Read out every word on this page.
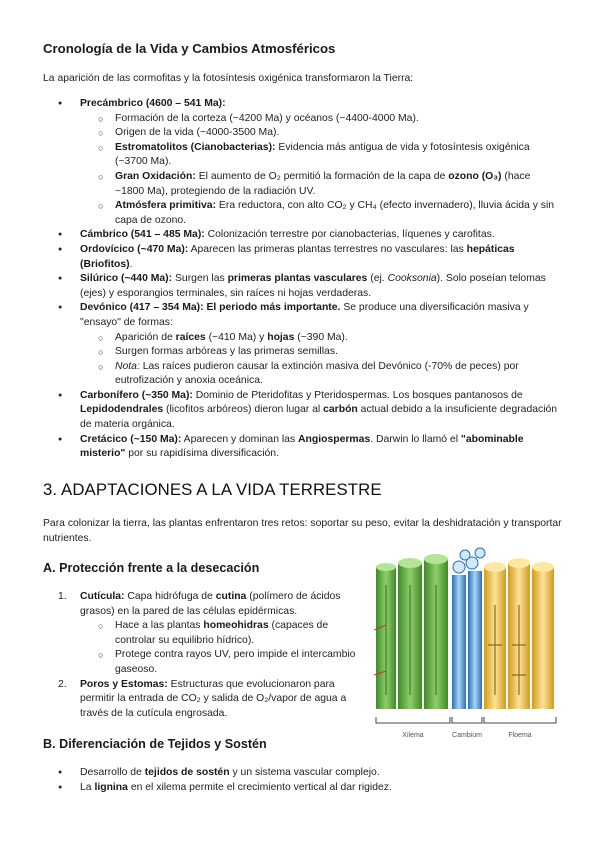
Cronología de la Vida y Cambios Atmosféricos
La aparición de las cormofitas y la fotosíntesis oxigénica transformaron la Tierra:
● Precámbrico (4600 – 541 Ma):
○ Formación de la corteza (~4200 Ma) y océanos (~4400-4000 Ma).
○ Origen de la vida (~4000-3500 Ma).
○ Estromatolitos (Cianobacterias): Evidencia más antigua de vida y fotosíntesis oxigénica (~3700 Ma).
○ Gran Oxidación: El aumento de O₂ permitió la formación de la capa de ozono (O₃) (hace ~1800 Ma), protegiendo de la radiación UV.
○ Atmósfera primitiva: Era reductora, con alto CO₂ y CH₄ (efecto invernadero), lluvia ácida y sin capa de ozono.
● Cámbrico (541 – 485 Ma): Colonización terrestre por cianobacterias, líquenes y carofitas.
● Ordovícico (~470 Ma): Aparecen las primeras plantas terrestres no vasculares: las hepáticas (Briofitos).
● Silúrico (~440 Ma): Surgen las primeras plantas vasculares (ej. Cooksonia). Solo poseían telomas (ejes) y esporangios terminales, sin raíces ni hojas verdaderas.
● Devónico (417 – 354 Ma): El periodo más importante. Se produce una diversificación masiva y "ensayo" de formas:
○ Aparición de raíces (~410 Ma) y hojas (~390 Ma).
○ Surgen formas arbóreas y las primeras semillas.
○ Nota: Las raíces pudieron causar la extinción masiva del Devónico (-70% de peces) por eutrofización y anoxia oceánica.
● Carbonífero (~350 Ma): Dominio de Pteridofitas y Pteridospermas. Los bosques pantanosos de Lepidodendrales (licofitos arbóreos) dieron lugar al carbón actual debido a la insuficiente degradación de materia orgánica.
● Cretácico (~150 Ma): Aparecen y dominan las Angiospermas. Darwin lo llamó el "abominable misterio" por su rapidísima diversificación.
3. ADAPTACIONES A LA VIDA TERRESTRE
Para colonizar la tierra, las plantas enfrentaron tres retos: soportar su peso, evitar la deshidratación y transportar nutrientes.
A. Protección frente a la desecación
1. Cutícula: Capa hidrófuga de cutina (polímero de ácidos grasos) en la pared de las células epidérmicas.
○ Hace a las plantas homeohidras (capaces de controlar su equilibrio hídrico).
○ Protege contra rayos UV, pero impide el intercambio gaseoso.
2. Poros y Estomas: Estructuras que evolucionaron para permitir la entrada de CO₂ y salida de O₂/vapor de agua a través de la cutícula engrosada.
B. Diferenciación de Tejidos y Sostén
● Desarrollo de tejidos de sostén y un sistema vascular complejo.
● La lignina en el xilema permite el crecimiento vertical al dar rigidez.
Xilema	Cambium	Floema
